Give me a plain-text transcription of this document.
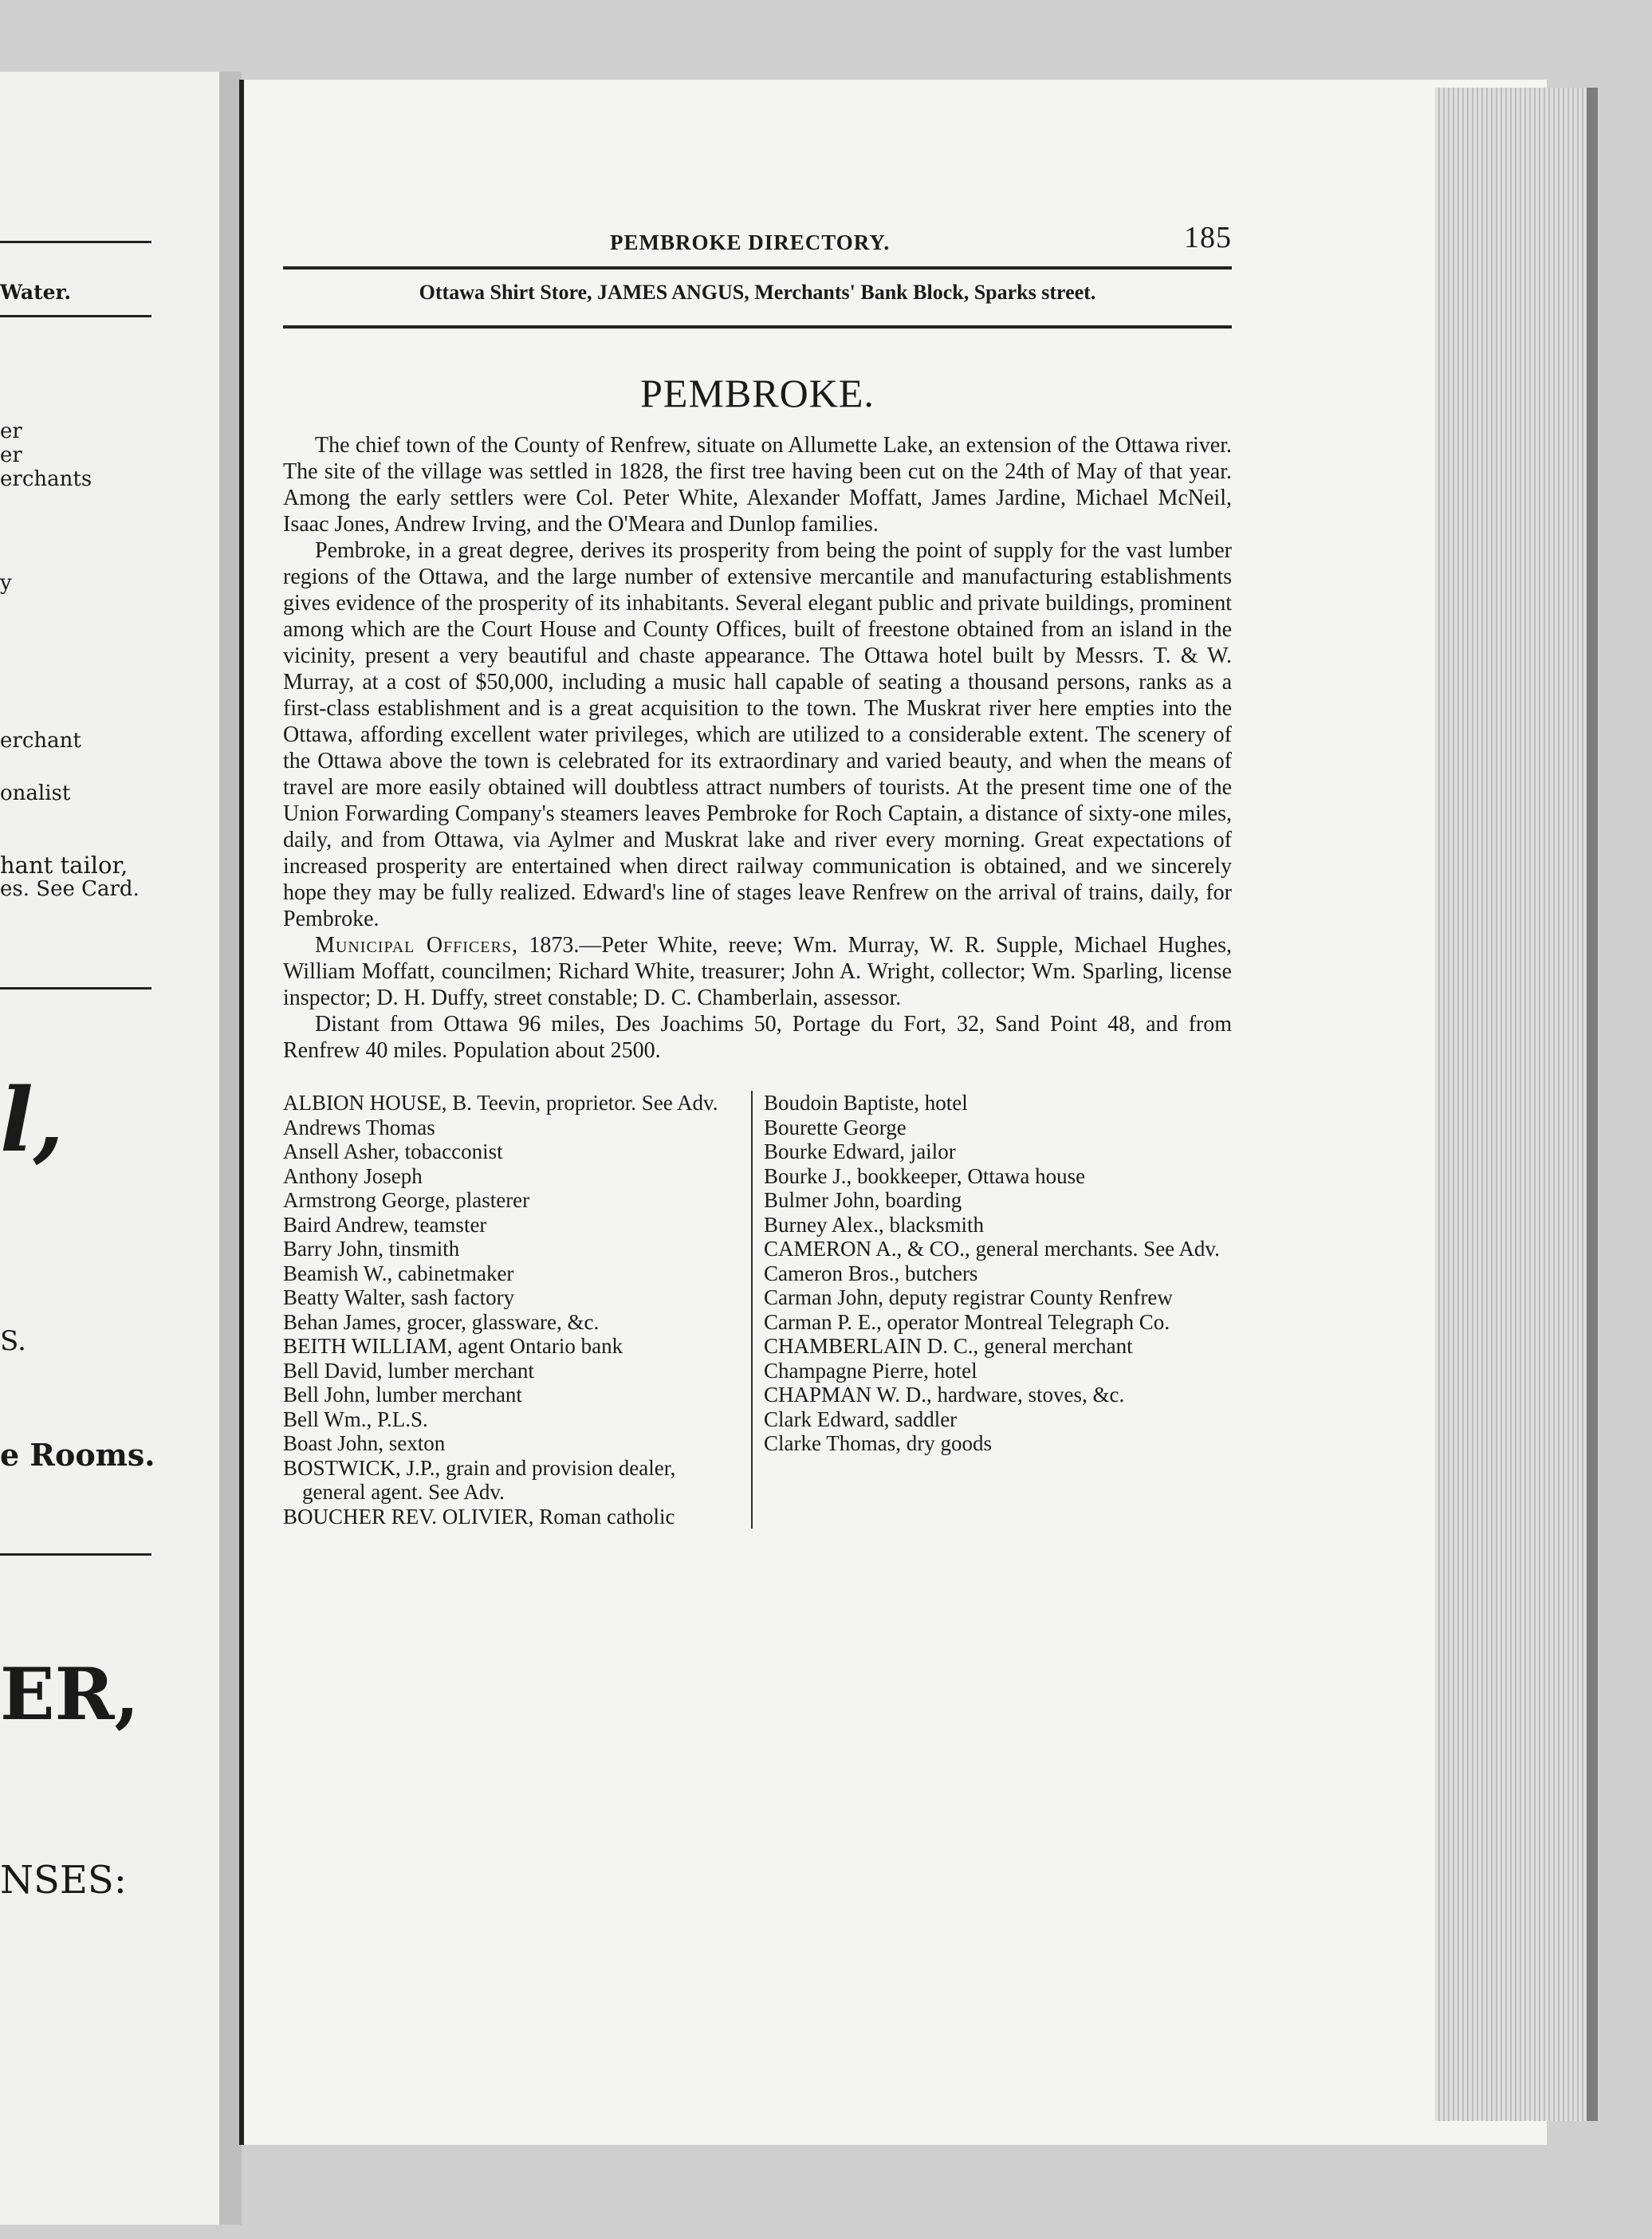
Water.
er
er
erchants
y
erchant
onalist
hant tailor,
es. See Card.
l,
S.
e Rooms.
ER,
NSES:
PEMBROKE DIRECTORY.	185
Ottawa Shirt Store, JAMES ANGUS, Merchants' Bank Block, Sparks street.
PEMBROKE.

The chief town of the County of Renfrew, situate on Allumette Lake, an extension of the Ottawa river. The site of the village was settled in 1828, the first tree having been cut on the 24th of May of that year. Among the early settlers were Col. Peter White, Alexander Moffatt, James Jardine, Michael McNeil, Isaac Jones, Andrew Irving, and the O'Meara and Dunlop families.

Pembroke, in a great degree, derives its prosperity from being the point of supply for the vast lumber regions of the Ottawa, and the large number of extensive mercantile and manufacturing establishments gives evidence of the prosperity of its inhabitants. Several elegant public and private buildings, prominent among which are the Court House and County Offices, built of freestone obtained from an island in the vicinity, present a very beautiful and chaste appearance. The Ottawa hotel built by Messrs. T. & W. Murray, at a cost of $50,000, including a music hall capable of seating a thousand persons, ranks as a first-class establishment and is a great acquisition to the town. The Muskrat river here empties into the Ottawa, affording excellent water privileges, which are utilized to a considerable extent. The scenery of the Ottawa above the town is celebrated for its extraordinary and varied beauty, and when the means of travel are more easily obtained will doubtless attract numbers of tourists. At the present time one of the Union Forwarding Company's steamers leaves Pembroke for Roch Captain, a distance of sixty-one miles, daily, and from Ottawa, via Aylmer and Muskrat lake and river every morning. Great expectations of increased prosperity are entertained when direct railway communication is obtained, and we sincerely hope they may be fully realized. Edward's line of stages leave Renfrew on the arrival of trains, daily, for Pembroke.

Municipal Officers, 1873.—Peter White, reeve; Wm. Murray, W. R. Supple, Michael Hughes, William Moffatt, councilmen; Richard White, treasurer; John A. Wright, collector; Wm. Sparling, license inspector; D. H. Duffy, street constable; D. C. Chamberlain, assessor.

Distant from Ottawa 96 miles, Des Joachims 50, Portage du Fort, 32, Sand Point 48, and from Renfrew 40 miles. Population about 2500.

ALBION HOUSE, B. Teevin, proprietor. See Adv.
Andrews Thomas
Ansell Asher, tobacconist
Anthony Joseph
Armstrong George, plasterer
Baird Andrew, teamster
Barry John, tinsmith
Beamish W., cabinetmaker
Beatty Walter, sash factory
Behan James, grocer, glassware, &c.
BEITH WILLIAM, agent Ontario bank
Bell David, lumber merchant
Bell John, lumber merchant
Bell Wm., P.L.S.
Boast John, sexton
BOSTWICK, J.P., grain and provision dealer, general agent. See Adv.
BOUCHER REV. OLIVIER, Roman catholic
Boudoin Baptiste, hotel
Bourette George
Bourke Edward, jailor
Bourke J., bookkeeper, Ottawa house
Bulmer John, boarding
Burney Alex., blacksmith
CAMERON A., & CO., general merchants. See Adv.
Cameron Bros., butchers
Carman John, deputy registrar County Renfrew
Carman P. E., operator Montreal Telegraph Co.
CHAMBERLAIN D. C., general merchant
Champagne Pierre, hotel
CHAPMAN W. D., hardware, stoves, &c.
Clark Edward, saddler
Clarke Thomas, dry goods
